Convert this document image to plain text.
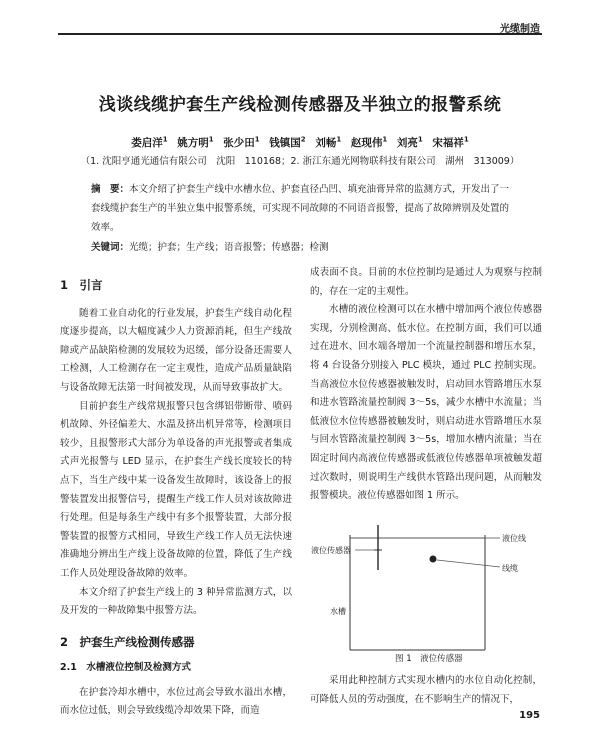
光缆制造
浅谈线缆护套生产线检测传感器及半独立的报警系统
娄启洋$^1$ 姚方明$^1$ 张少田$^1$ 钱镇国$^2$ 刘畅$^1$ 赵现伟$^1$ 刘亮$^1$ 宋福祥$^1$
（1. 沈阳亨通光通信有限公司　沈阳　110168；2. 浙江东通光网物联科技有限公司　湖州　313009）
摘　要：本文介绍了护套生产线中水槽水位、护套直径凸凹、填充油膏异常的监测方式，开发出了一套线缆护套生产的半独立集中报警系统，可实现不同故障的不同语音报警，提高了故障辨别及处置的效率。
关键词：光缆；护套；生产线；语音报警；传感器；检测
1　引言

随着工业自动化的行业发展，护套生产线自动化程度逐步提高，以大幅度减少人力资源消耗，但生产线故障或产品缺陷检测的发展较为迟缓，部分设备还需要人工检测，人工检测存在一定主观性，造成产品质量缺陷与设备故障无法第一时间被发现，从而导致事故扩大。

目前护套生产线常规报警只包含绑铝带断带、喷码机故障、外径偏差大、水温及挤出机异常等，检测项目较少，且报警形式大部分为单设备的声光报警或者集成式声光报警与 LED 显示，在护套生产线长度较长的特点下，当生产线中某一设备发生故障时，该设备上的报警装置发出报警信号，提醒生产线工作人员对该故障进行处理。但是每条生产线中有多个报警装置，大部分报警装置的报警方式相同，导致生产线工作人员无法快速准确地分辨出生产线上设备故障的位置，降低了生产线工作人员处理设备故障的效率。

本文介绍了护套生产线上的 3 种异常监测方式，以及开发的一种故障集中报警方法。

2　护套生产线检测传感器
2.1　水槽液位控制及检测方式

在护套冷却水槽中，水位过高会导致水溢出水槽，而水位过低，则会导致线缆冷却效果下降，而造

成表面不良。目前的水位控制均是通过人为观察与控制的，存在一定的主观性。

水槽的液位检测可以在水槽中增加两个液位传感器实现，分别检测高、低水位。在控制方面，我们可以通过在进水、回水端各增加一个流量控制器和增压水泵，将 4 台设备分别接入 PLC 模块，通过 PLC 控制实现。当高液位水位传感器被触发时，启动回水管路增压水泵和进水管路流量控制阀 3～5s，减少水槽中水流量；当低液位水位传感器被触发时，则启动进水管路增压水泵与回水管路流量控制阀 3～5s，增加水槽内流量；当在固定时间内高液位传感器或低液位传感器单项被触发超过次数时，则说明生产线供水管路出现问题，从而触发报警模块。液位传感器如图 1 所示。

液位传感器
液位线
线缆
水槽
图 1　液位传感器

采用此种控制方式实现水槽内的水位自动化控制，可降低人员的劳动强度，在不影响生产的情况下，

195
